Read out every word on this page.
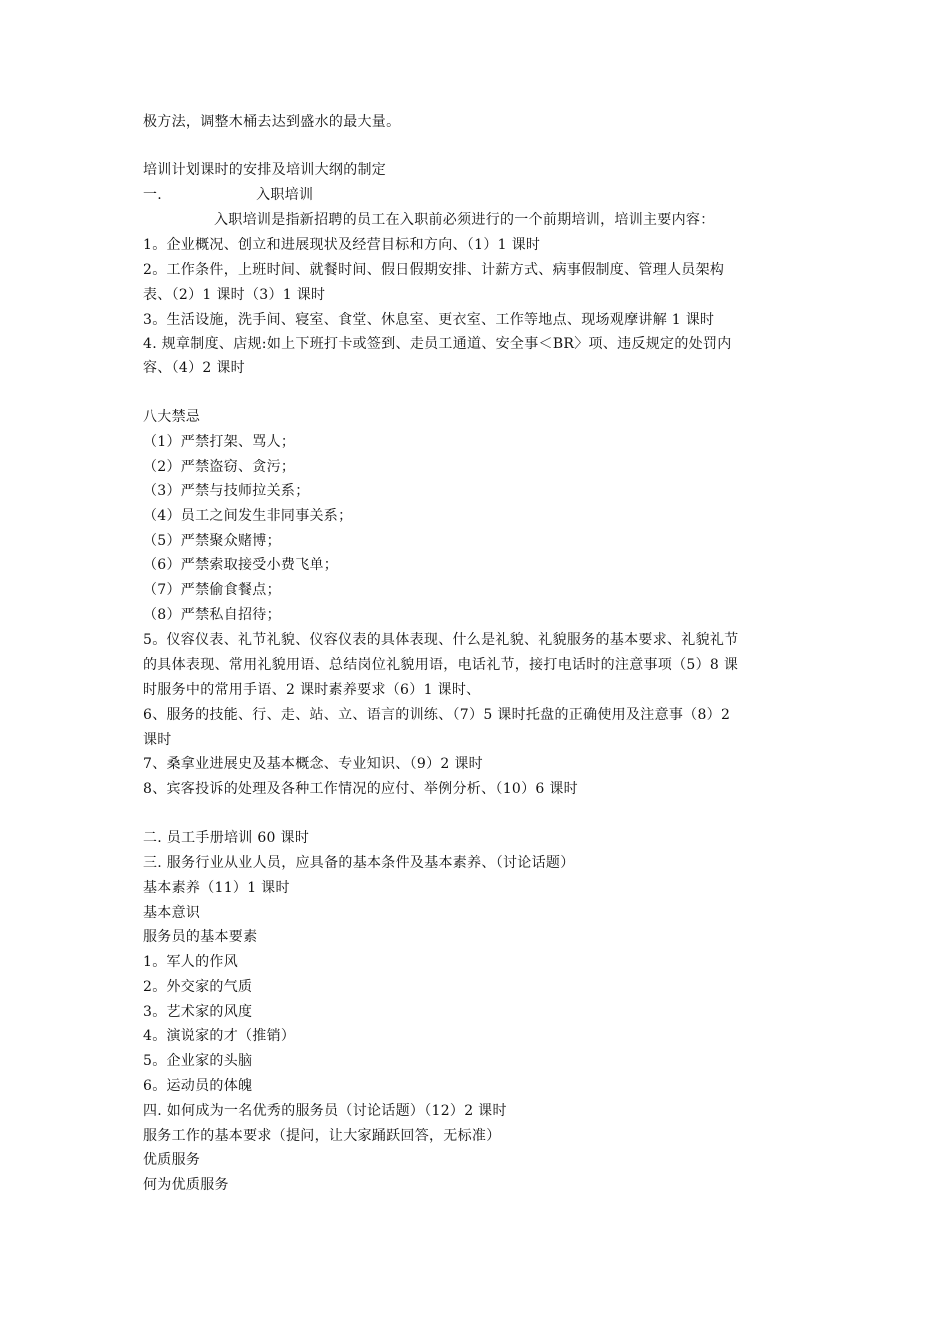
极方法，调整木桶去达到盛水的最大量。
培训计划课时的安排及培训大纲的制定
一.	入职培训
入职培训是指新招聘的员工在入职前必须进行的一个前期培训，培训主要内容：
1。企业概况、创立和进展现状及经营目标和方向、（1）1 课时
2。工作条件，上班时间、就餐时间、假日假期安排、计薪方式、病事假制度、管理人员架构
表、（2）1 课时（3）1 课时
3。生活设施，洗手间、寝室、食堂、休息室、更衣室、工作等地点、现场观摩讲解 1 课时
4. 规章制度、店规:如上下班打卡或签到、走员工通道、安全事＜BR〉项、违反规定的处罚内
容、（4）2 课时
八大禁忌
（1）严禁打架、骂人；
（2）严禁盗窃、贪污；
（3）严禁与技师拉关系；
（4）员工之间发生非同事关系；
（5）严禁聚众赌博；
（6）严禁索取接受小费飞单；
（7）严禁偷食餐点；
（8）严禁私自招待；
5。仪容仪表、礼节礼貌、仪容仪表的具体表现、什么是礼貌、礼貌服务的基本要求、礼貌礼节
的具体表现、常用礼貌用语、总结岗位礼貌用语，电话礼节，接打电话时的注意事项（5）8 课
时服务中的常用手语、2 课时素养要求（6）1 课时、
6、服务的技能、行、走、站、立、语言的训练、（7）5 课时托盘的正确使用及注意事（8）2
课时
7、桑拿业进展史及基本概念、专业知识、（9）2 课时
8、宾客投诉的处理及各种工作情况的应付、举例分析、（10）6 课时
二. 员工手册培训 60 课时
三. 服务行业从业人员，应具备的基本条件及基本素养、（讨论话题）
基本素养（11）1 课时
基本意识
服务员的基本要素
1。军人的作风
2。外交家的气质
3。艺术家的风度
4。演说家的才（推销）
5。企业家的头脑
6。运动员的体魄
四. 如何成为一名优秀的服务员（讨论话题）（12）2 课时
服务工作的基本要求（提问，让大家踊跃回答，无标准）
优质服务
何为优质服务
